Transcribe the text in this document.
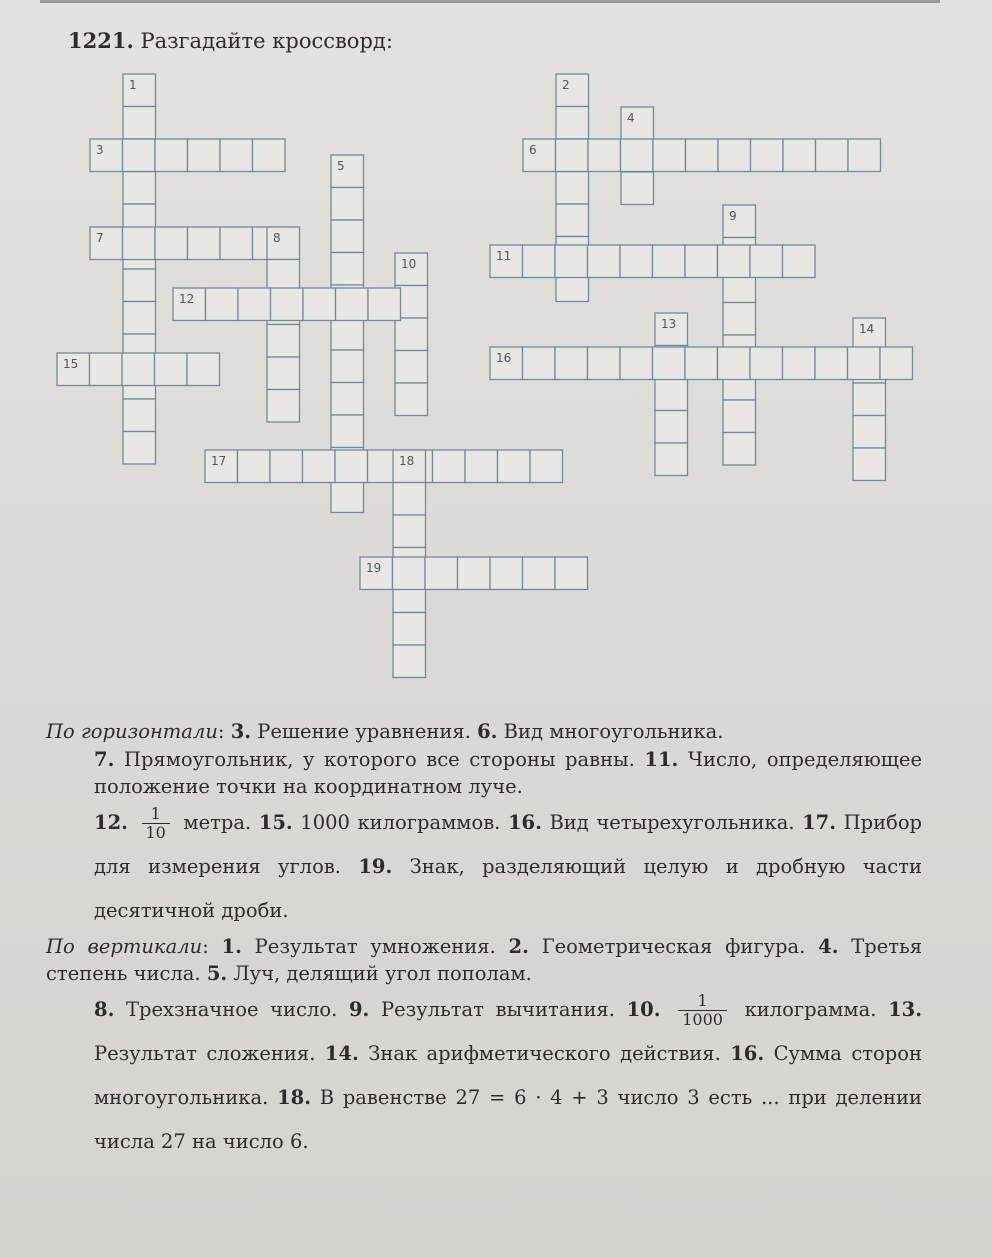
1221. Разгадайте кроссворд:
1	2
3
4
5
6
7	8
9
10
11
12
13	14
15	16
17	18
19

По горизонтали: 3. Решение уравнения. 6. Вид многоугольника.

7. Прямоугольник, у которого все стороны равны. 11. Число, определяющее положение точки на координатном луче.

12. $\frac{1}{10}$ метра. 15. 1000 килограммов. 16. Вид четырехугольника. 17. Прибор для измерения углов. 19. Знак, разделяющий целую и дробную части десятичной дроби.

По вертикали: 1. Результат умножения. 2. Геометрическая фигура. 4. Третья степень числа. 5. Луч, делящий угол пополам.

8. Трехзначное число. 9. Результат вычитания. 10. $\frac{1}{1000}$ килограмма. 13. Результат сложения. 14. Знак арифметического действия. 16. Сумма сторон многоугольника. 18. В равенстве 27 = 6 · 4 + 3 число 3 есть ... при делении числа 27 на число 6.
